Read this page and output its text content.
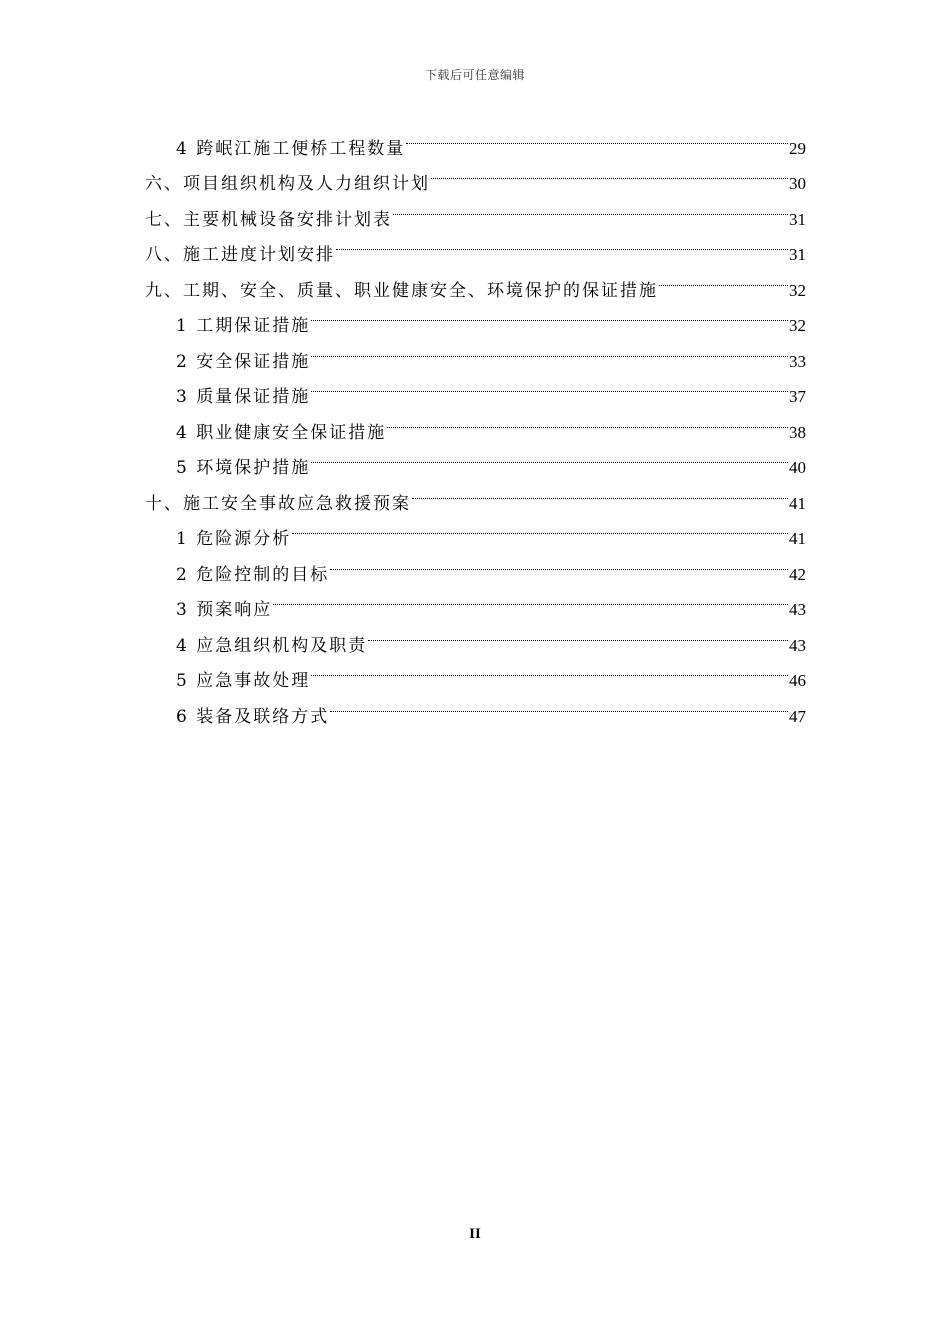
下载后可任意编辑
4 跨岷江施工便桥工程数量	29
六、项目组织机构及人力组织计划	30
七、主要机械设备安排计划表	31
八、施工进度计划安排	31
九、工期、安全、质量、职业健康安全、环境保护的保证措施	32
1 工期保证措施	32
2 安全保证措施	33
3 质量保证措施	37
4 职业健康安全保证措施	38
5 环境保护措施	40
十、施工安全事故应急救援预案	41
1 危险源分析	41
2 危险控制的目标	42
3 预案响应	43
4 应急组织机构及职责	43
5 应急事故处理	46
6 装备及联络方式	47
II
